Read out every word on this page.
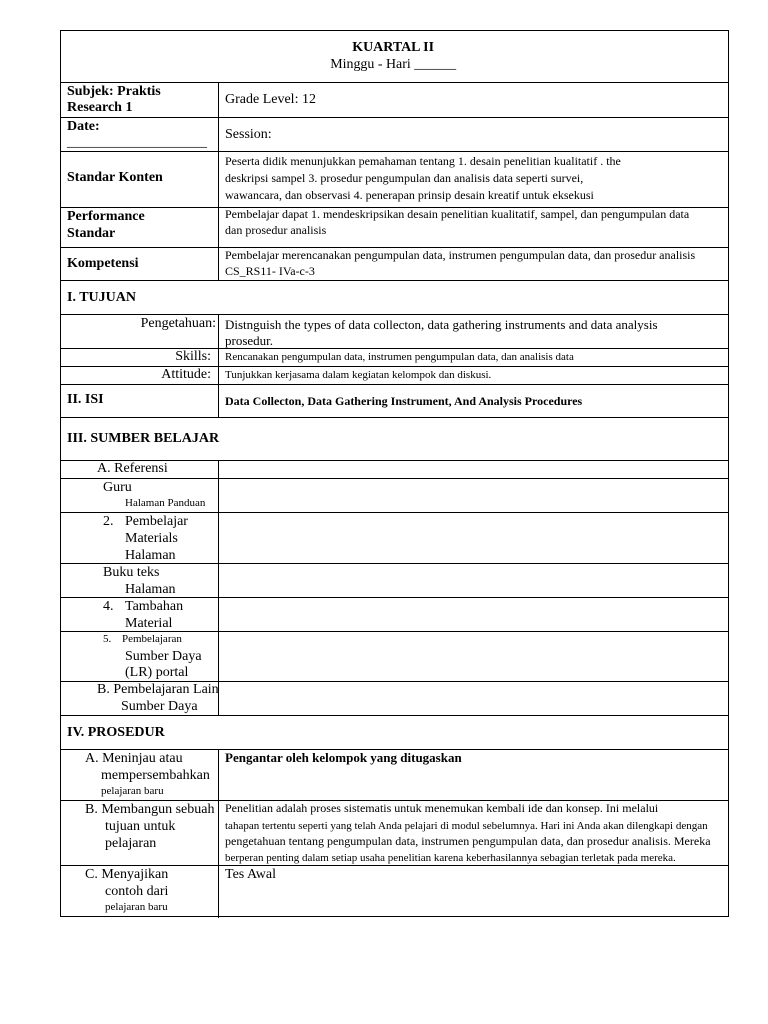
KUARTAL II
Minggu - Hari ______
Subjek: Praktis
Research 1
Grade Level: 12
Date:
____________________
Session:
Standar Konten
Peserta didik menunjukkan pemahaman tentang 1. desain penelitian kualitatif . the
deskripsi sampel 3. prosedur pengumpulan dan analisis data seperti survei,
wawancara, dan observasi 4. penerapan prinsip desain kreatif untuk eksekusi
Performance
Standar
Pembelajar dapat 1. mendeskripsikan desain penelitian kualitatif, sampel, dan pengumpulan data
dan prosedur analisis
Kompetensi
Pembelajar merencanakan pengumpulan data, instrumen pengumpulan data, dan prosedur analisis
CS_RS11- IVa-c-3
I. TUJUAN
Pengetahuan: Distnguish the types of data collecton, data gathering instruments and data analysis
prosedur.
Skills: Rencanakan pengumpulan data, instrumen pengumpulan data, dan analisis data
Attitude: Tunjukkan kerjasama dalam kegiatan kelompok dan diskusi.
II. ISI	Data Collecton, Data Gathering Instrument, And Analysis Procedures
III. SUMBER BELAJAR
A. Referensi
Guru
Halaman Panduan
2. Pembelajar
Materials
Halaman
Buku teks
Halaman
4. Tambahan
Material
5. Pembelajaran
Sumber Daya
(LR) portal
B. Pembelajaran Lain
Sumber Daya
IV. PROSEDUR
A. Meninjau atau
mempersembahkan
pelajaran baru
Pengantar oleh kelompok yang ditugaskan
B. Membangun sebuah
tujuan untuk
pelajaran
Penelitian adalah proses sistematis untuk menemukan kembali ide dan konsep. Ini melalui
tahapan tertentu seperti yang telah Anda pelajari di modul sebelumnya. Hari ini Anda akan dilengkapi dengan
pengetahuan tentang pengumpulan data, instrumen pengumpulan data, dan prosedur analisis. Mereka
berperan penting dalam setiap usaha penelitian karena keberhasilannya sebagian terletak pada mereka.
C. Menyajikan
contoh dari
pelajaran baru
Tes Awal
